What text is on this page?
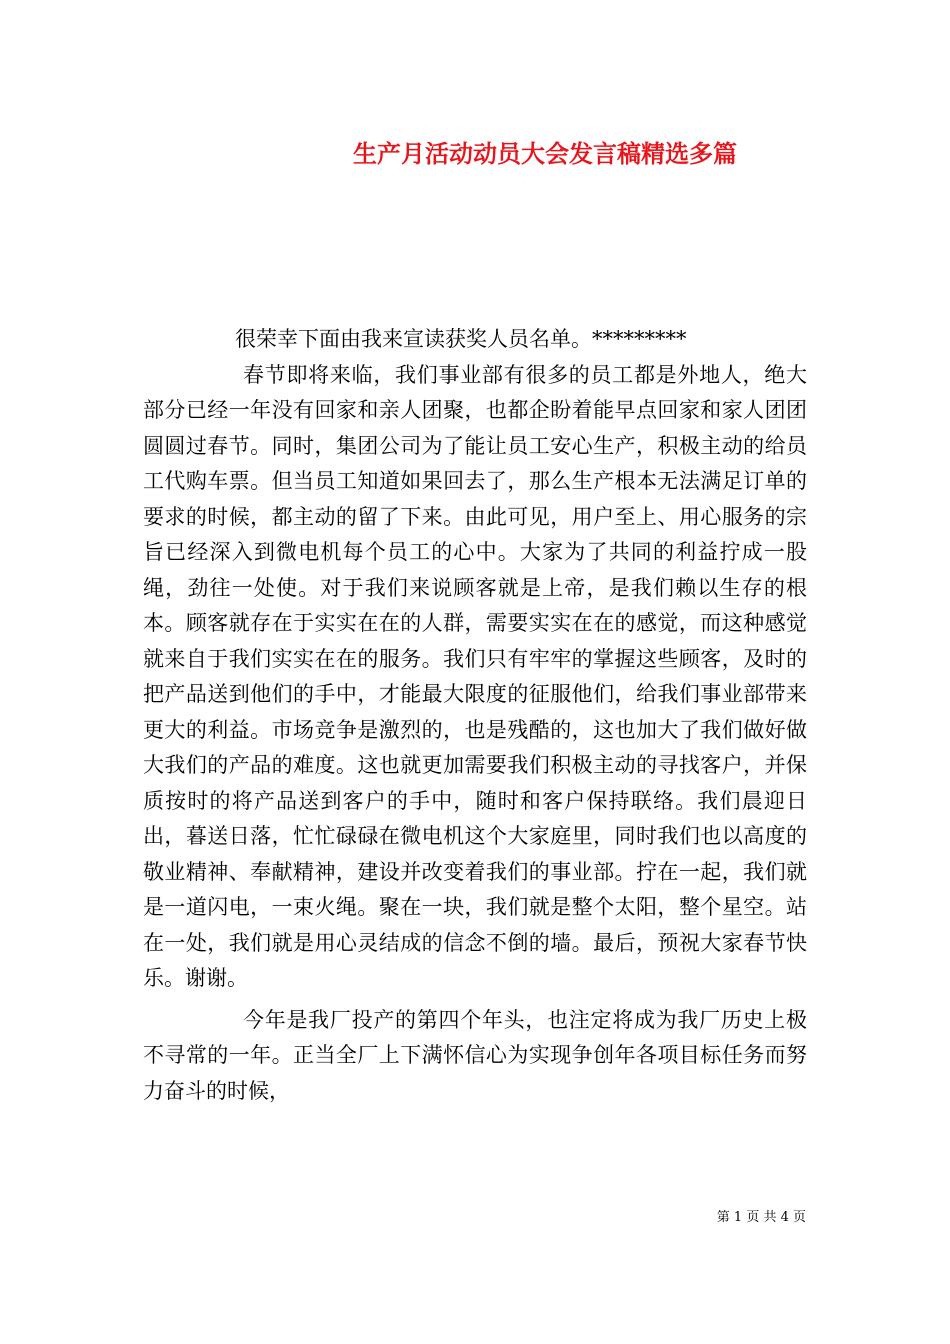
生产月活动动员大会发言稿精选多篇

很荣幸下面由我来宣读获奖人员名单。*********

春节即将来临，我们事业部有很多的员工都是外地人，绝大部分已经一年没有回家和亲人团聚，也都企盼着能早点回家和家人团团圆圆过春节。同时，集团公司为了能让员工安心生产，积极主动的给员工代购车票。但当员工知道如果回去了，那么生产根本无法满足订单的要求的时候，都主动的留了下来。由此可见，用户至上、用心服务的宗旨已经深入到微电机每个员工的心中。大家为了共同的利益拧成一股绳，劲往一处使。对于我们来说顾客就是上帝，是我们赖以生存的根本。顾客就存在于实实在在的人群，需要实实在在的感觉，而这种感觉就来自于我们实实在在的服务。我们只有牢牢的掌握这些顾客，及时的把产品送到他们的手中，才能最大限度的征服他们，给我们事业部带来更大的利益。市场竞争是激烈的，也是残酷的，这也加大了我们做好做大我们的产品的难度。这也就更加需要我们积极主动的寻找客户，并保质按时的将产品送到客户的手中，随时和客户保持联络。我们晨迎日出，暮送日落，忙忙碌碌在微电机这个大家庭里，同时我们也以高度的敬业精神、奉献精神，建设并改变着我们的事业部。拧在一起，我们就是一道闪电，一束火绳。聚在一块，我们就是整个太阳，整个星空。站在一处，我们就是用心灵结成的信念不倒的墙。最后，预祝大家春节快乐。谢谢。

今年是我厂投产的第四个年头，也注定将成为我厂历史上极不寻常的一年。正当全厂上下满怀信心为实现争创年各项目标任务而努力奋斗的时候，

第 1 页 共 4 页
